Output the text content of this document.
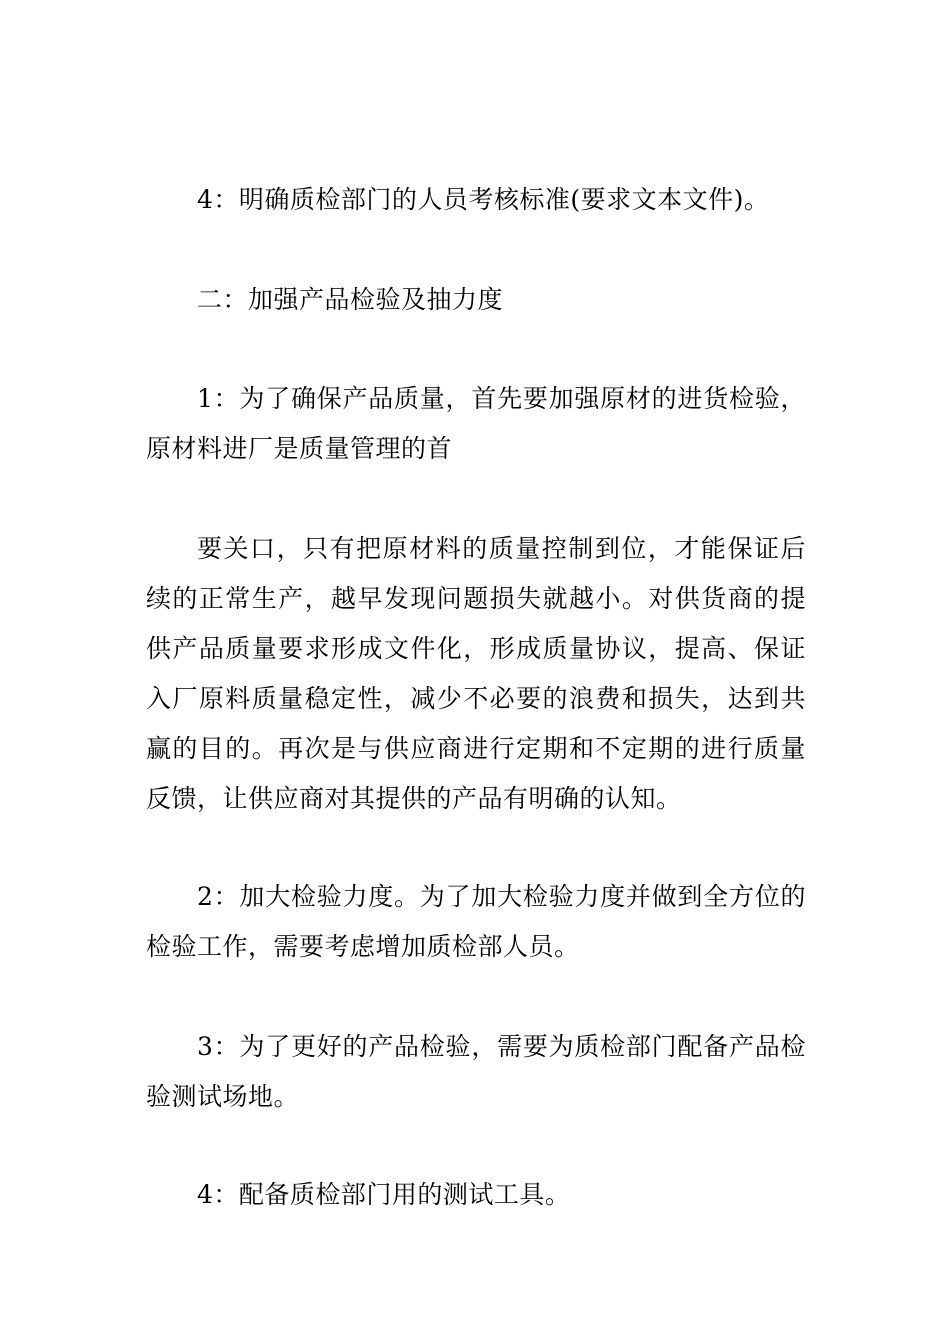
4：明确质检部门的人员考核标准(要求文本文件)。

二：加强产品检验及抽力度

1：为了确保产品质量，首先要加强原材的进货检验，原材料进厂是质量管理的首

要关口，只有把原材料的质量控制到位，才能保证后续的正常生产，越早发现问题损失就越小。对供货商的提供产品质量要求形成文件化，形成质量协议，提高、保证入厂原料质量稳定性，减少不必要的浪费和损失，达到共赢的目的。再次是与供应商进行定期和不定期的进行质量反馈，让供应商对其提供的产品有明确的认知。

2：加大检验力度。为了加大检验力度并做到全方位的检验工作，需要考虑增加质检部人员。

3：为了更好的产品检验，需要为质检部门配备产品检验测试场地。

4：配备质检部门用的测试工具。
